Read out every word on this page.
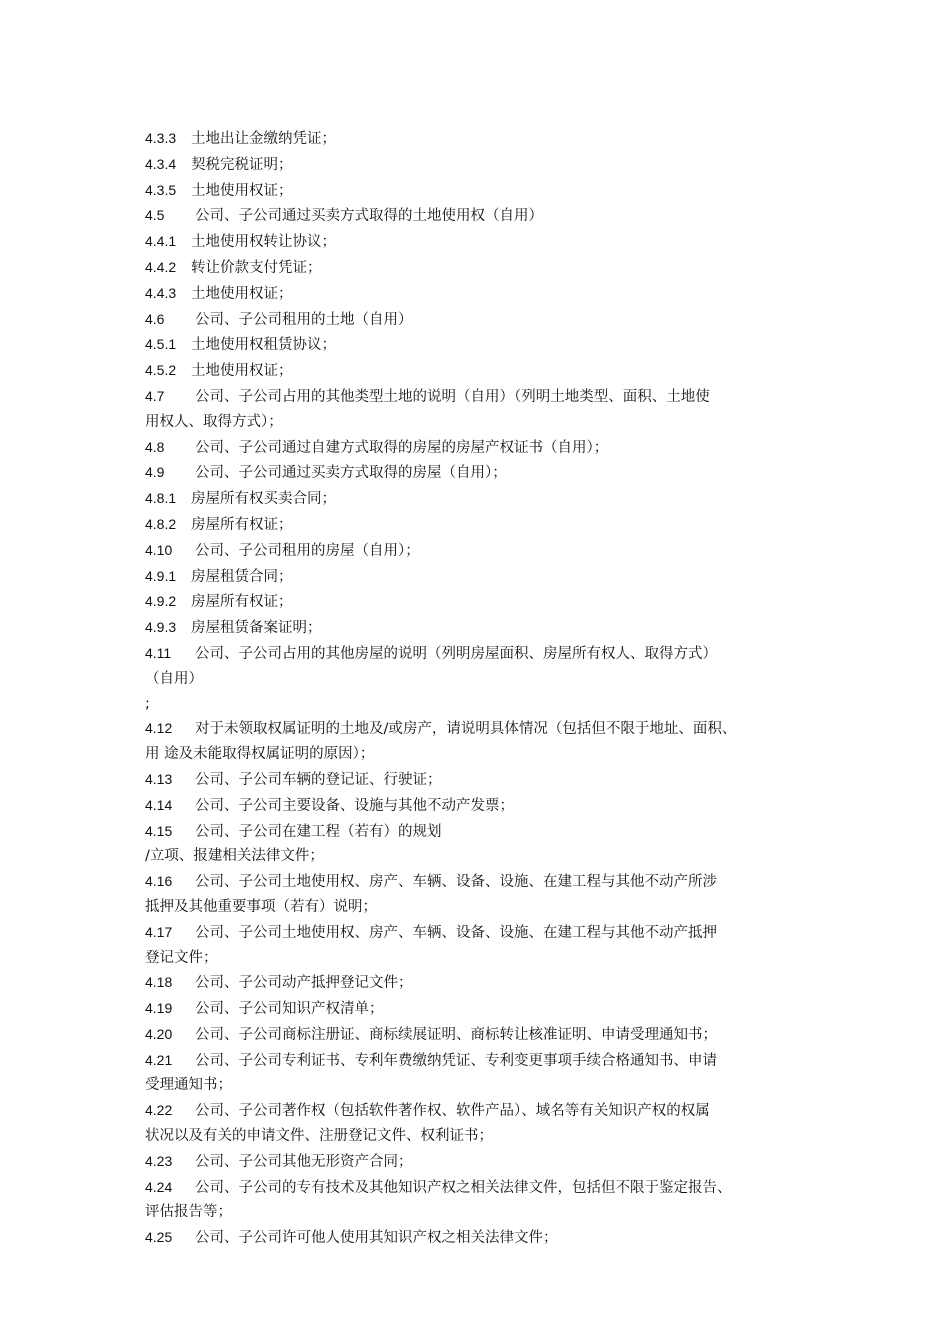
4.3.3 土地出让金缴纳凭证；
4.3.4 契税完税证明；
4.3.5 土地使用权证；
4.5 公司、子公司通过买卖方式取得的土地使用权（自用）
4.4.1 土地使用权转让协议；
4.4.2 转让价款支付凭证；
4.4.3 土地使用权证；
4.6 公司、子公司租用的土地（自用）
4.5.1 土地使用权租赁协议；
4.5.2 土地使用权证；
4.7 公司、子公司占用的其他类型土地的说明（自用）（列明土地类型、面积、土地使
用权人、取得方式）；
4.8 公司、子公司通过自建方式取得的房屋的房屋产权证书（自用）；
4.9 公司、子公司通过买卖方式取得的房屋（自用）；
4.8.1 房屋所有权买卖合同；
4.8.2 房屋所有权证；
4.10 公司、子公司租用的房屋（自用）；
4.9.1 房屋租赁合同；
4.9.2 房屋所有权证；
4.9.3 房屋租赁备案证明；
4.11 公司、子公司占用的其他房屋的说明（列明房屋面积、房屋所有权人、取得方式）
（自用）
;
4.12 对于未领取权属证明的土地及/或房产，请说明具体情况（包括但不限于地址、面积、
用 途及未能取得权属证明的原因）；
4.13 公司、子公司车辆的登记证、行驶证；
4.14 公司、子公司主要设备、设施与其他不动产发票；
4.15 公司、子公司在建工程（若有）的规划
/立项、报建相关法律文件；
4.16 公司、子公司土地使用权、房产、车辆、设备、设施、在建工程与其他不动产所涉
抵押及其他重要事项（若有）说明；
4.17 公司、子公司土地使用权、房产、车辆、设备、设施、在建工程与其他不动产抵押
登记文件；
4.18 公司、子公司动产抵押登记文件；
4.19 公司、子公司知识产权清单；
4.20 公司、子公司商标注册证、商标续展证明、商标转让核准证明、申请受理通知书；
4.21 公司、子公司专利证书、专利年费缴纳凭证、专利变更事项手续合格通知书、申请
受理通知书；
4.22 公司、子公司著作权（包括软件著作权、软件产品）、域名等有关知识产权的权属
状况以及有关的申请文件、注册登记文件、权利证书；
4.23 公司、子公司其他无形资产合同；
4.24 公司、子公司的专有技术及其他知识产权之相关法律文件，包括但不限于鉴定报告、
评估报告等；
4.25 公司、子公司许可他人使用其知识产权之相关法律文件；
